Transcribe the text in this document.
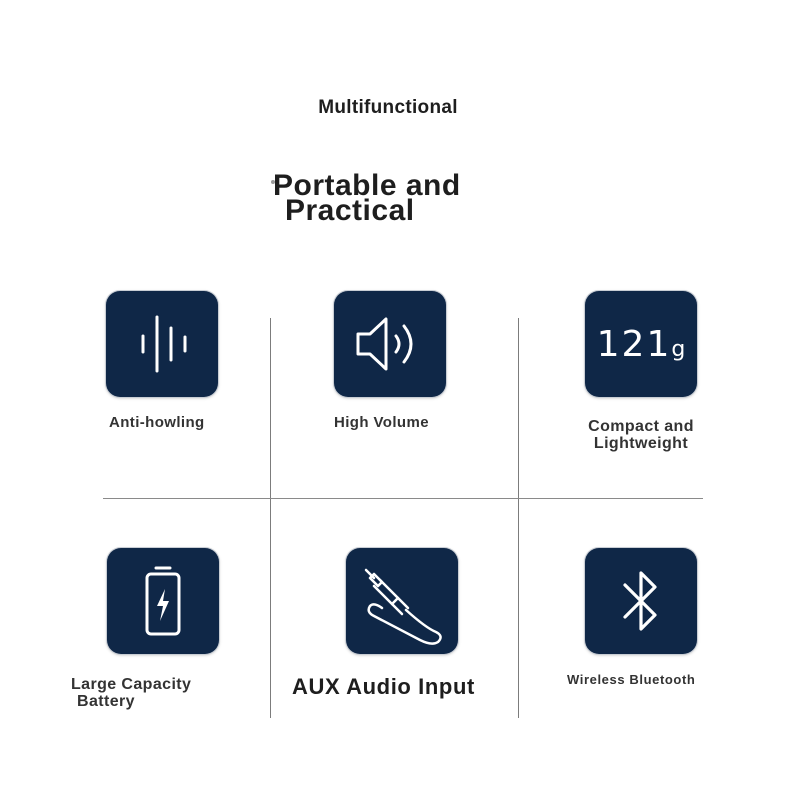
Multifunctional
Portable and
Practical
Anti-howling	High Volume
121g
Compact and
Lightweight
Large Capacity
Battery
AUX Audio Input	Wireless Bluetooth
